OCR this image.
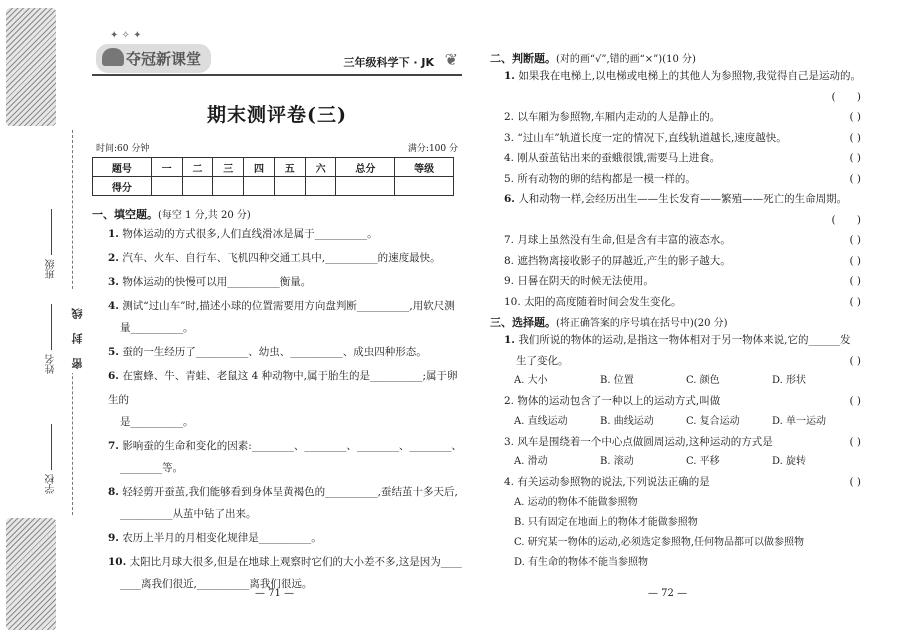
班级
姓名
学校
密封线
✦ ✧ ✦
夺冠新课堂	三年级科学下 · JK ❦
期末测评卷(三)
时间:60 分钟	满分:100 分
题号	一	二	三	四	五	六	总分	等级
得分								
一、填空题。(每空 1 分,共 20 分)
1. 物体运动的方式很多,人们直线滑冰是属于__________。
2. 汽车、火车、自行车、飞机四种交通工具中,__________的速度最快。
3. 物体运动的快慢可以用__________衡量。
4. 测试“过山车”时,描述小球的位置需要用方向盘判断__________,用软尺测
量__________。
5. 蚕的一生经历了__________、幼虫、__________、成虫四种形态。
6. 在蜜蜂、牛、青蛙、老鼠这 4 种动物中,属于胎生的是__________;属于卵生的
是__________。
7. 影响蚕的生命和变化的因素:________、________、________、________、
________等。
8. 轻轻剪开蚕茧,我们能够看到身体呈黄褐色的__________,蚕结茧十多天后,
__________从茧中钻了出来。
9. 农历上半月的月相变化规律是__________。
10. 太阳比月球大很多,但是在地球上观察时它们的大小差不多,这是因为____
____离我们很近,__________离我们很远。
— 71 —
二、判断题。(对的画“√”,错的画“×”)(10 分)
1. 如果我在电梯上,以电梯或电梯上的其他人为参照物,我觉得自己是运动的。
( )
2. 以车厢为参照物,车厢内走动的人是静止的。	( )
3. “过山车”轨道长度一定的情况下,直线轨道越长,速度越快。	( )
4. 刚从蚕茧钻出来的蚕蛾很饿,需要马上进食。	( )
5. 所有动物的卵的结构都是一模一样的。	( )
6. 人和动物一样,会经历出生——生长发育——繁殖——死亡的生命周期。
( )
7. 月球上虽然没有生命,但是含有丰富的液态水。	( )
8. 遮挡物离接收影子的屏越近,产生的影子越大。	( )
9. 日晷在阴天的时候无法使用。	( )
10. 太阳的高度随着时间会发生变化。	( )
三、选择题。(将正确答案的序号填在括号中)(20 分)
1. 我们所说的物体的运动,是指这一物体相对于另一物体来说,它的______发
生了变化。	( )
A. 大小	B. 位置	C. 颜色	D. 形状
2. 物体的运动包含了一种以上的运动方式,叫做	( )
A. 直线运动	B. 曲线运动	C. 复合运动	D. 单一运动
3. 风车是围绕着一个中心点做圆周运动,这种运动的方式是	( )
A. 滑动	B. 滚动	C. 平移	D. 旋转
4. 有关运动参照物的说法,下列说法正确的是	( )
A. 运动的物体不能做参照物
B. 只有固定在地面上的物体才能做参照物
C. 研究某一物体的运动,必须选定参照物,任何物品都可以做参照物
D. 有生命的物体不能当参照物
— 72 —
